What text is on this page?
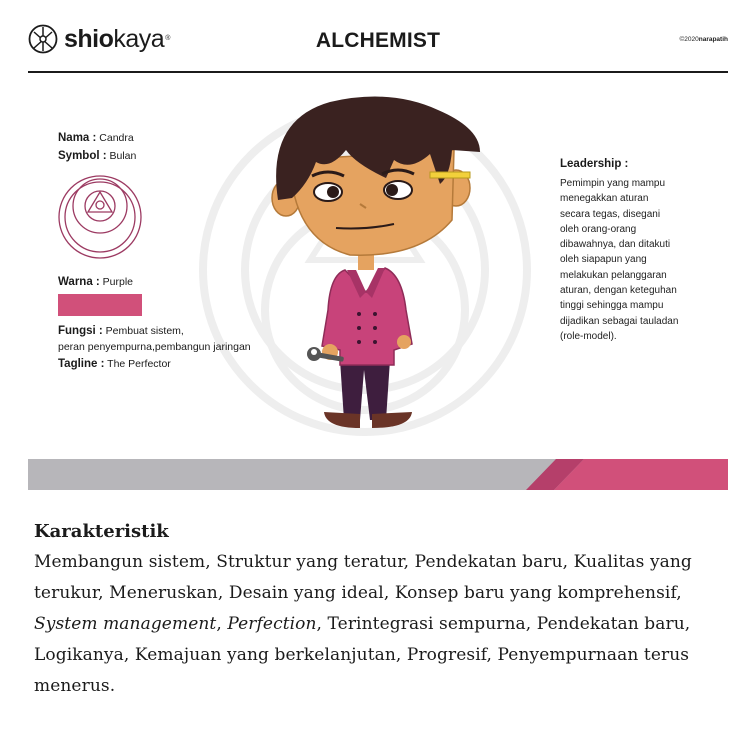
shiokaya®	ALCHEMIST	©2020narapatih
Nama : Candra
Symbol : Bulan
Warna : Purple
Fungsi : Pembuat sistem,
peran penyempurna,pembangun jaringan
Tagline : The Perfector
Leadership :
Pemimpin yang mampu
menegakkan aturan
secara tegas, disegani
oleh orang-orang
dibawahnya, dan ditakuti
oleh siapapun yang
melakukan pelanggaran
aturan, dengan keteguhan
tinggi sehingga mampu
dijadikan sebagai tauladan
(role-model).
Karakteristik
Membangun sistem, Struktur yang teratur, Pendekatan baru, Kualitas yang terukur, Meneruskan, Desain yang ideal, Konsep baru yang komprehensif, System management, Perfection, Terintegrasi sempurna, Pendekatan baru, Logikanya, Kemajuan yang berkelanjutan, Progresif, Penyempurnaan terus menerus.
